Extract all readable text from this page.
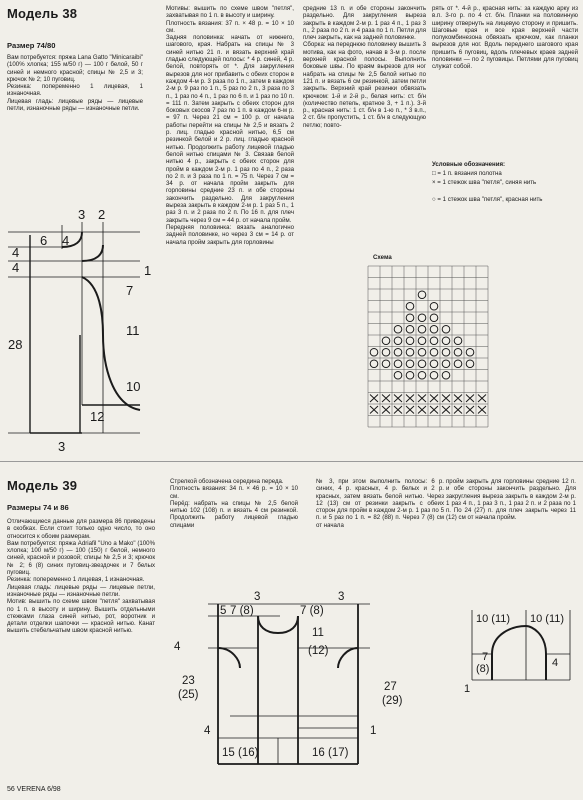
Модель 38
Размер 74/80
Вам потребуется: пряжа Lana Gatto "Minicaraibi" (100% хлопка; 155 м/50 г) — 100 г белой, 50 г синей и немного красной; спицы № 2,5 и 3; крючок № 2; 10 пуговиц.
Резинка: попеременно 1 лицевая, 1 изнаночная.
Лицевая гладь: лицевые ряды — лицевые петли, изнаночные ряды — изнаночные петли.
Мотивы: вышить по схеме швом "петля", захватывая по 1 п. в высоту и ширину.
Плотность вязания: 37 п. × 48 р. = 10 × 10 см.
Задняя половинка: начать от нижнего, шагового, края. Набрать на спицы № 3 синей нитью 21 п. и вязать верхний край гладью следующей полосы: * 4 р. синей, 4 р. белой, повторять от *. Для закругления вырезов для ног прибавить с обеих сторон в каждом 4-м р. 3 раза по 1 п., затем в каждом 2-м р. 9 раз по 1 п., 5 раз по 2 п., 3 раза по 3 п., 1 раз по 4 п., 1 раз по 6 п. и 1 раз по 10 п. = 111 п. Затем закрыть с обеих сторон для боковых скосов 7 раз по 1 п. в каждом 6-м р. = 97 п. Через 21 см = 100 р. от начала работы перейти на спицы № 2,5 и вязать 2 р. лиц. гладью красной нитью, 6,5 см резинкой белой и 2 р. лиц. гладью красной нитью. Продолжить работу лицевой гладью белой нитью спицами № 3. Связав белой нитью 4 р., закрыть с обеих сторон для пройм в каждом 2-м р. 1 раз по 4 п., 2 раза по 2 п. и 3 раза по 1 п. = 75 п. Через 7 см = 34 р. от начала пройм закрыть для горловины средние 23 п. и обе стороны закончить раздельно. Для закругления выреза закрыть в каждом 2-м р. 1 раз 5 п., 1 раз 3 п. и 2 раза по 2 п. По 16 п. для плеч закрыть через 9 см = 44 р. от начала пройм.
Передняя половинка: вязать аналогично задней половинке, но через 3 см = 14 р. от начала пройм закрыть для горловины
средние 13 п. и обе стороны закончить раздельно. Для закругления выреза закрыть в каждом 2-м р. 1 раз 4 п., 1 раз 3 п., 2 раза по 2 п. и 4 раза по 1 п. Петли для плеч закрыть, как на задней половинке.
Сборка: на переднюю половинку вышить 3 мотива, как на фото, начав в 3-м р. после верхней красной полосы. Выполнить боковые швы. По краям вырезов для ног набрать на спицы № 2,5 белой нитью по 121 п. и вязать 6 см резинкой, затем петли закрыть. Верхний край резинки обвязать крючком: 1-й и 2-й р., белая нить: ст. б/н (количество петель, кратное 3, + 1 п.). 3-й р., красная нить: 1 ст. б/н в 1-ю п., * 3 в.п., 2 ст. б/н пропустить, 1 ст. б/н в следующую петлю; повто-
рять от *. 4-й р., красная нить: за каждую арку из в.п. 3-го р. по 4 ст. б/н. Планки на половинную ширину отвернуть на лицевую сторону и пришить. Шаговые края и все края верхней части полукомбинезона обвязать крючком, как планки вырезов для ног. Вдоль переднего шагового края пришить 6 пуговиц, вдоль плечевых краев задней половинки — по 2 пуговицы. Петлями для пуговиц служат собой.
Условные обозначения:
□ = 1 п. вязания полотна
× = 1 стежок шва "петля", синяя нить
○ = 1 стежок шва "петля", красная нить
Схема
3 2
6 4
4
4	1
7
11
28
10
12
3
Модель 39
Размеры 74 и 86
Отличающиеся данные для размера 86 приведены в скобках. Если стоит только одно число, то оно относится к обоим размерам.
Вам потребуется: пряжа Adriafil "Uno a Mako" (100% хлопка; 100 м/50 г) — 100 (150) г белой, немного синей, красной и розовой; спицы № 2,5 и 3; крючок № 2; 6 (8) синих пуговиц-звездочек и 7 белых пуговиц.
Резинка: попеременно 1 лицевая, 1 изнаночная.
Лицевая гладь: лицевые ряды — лицевые петли, изнаночные ряды — изнаночные петли.
Мотив: вышить по схеме швом "петля" захватывая по 1 п. в высоту и ширину. Вышить отдельными стежками глаза синей нитью, рот, воротник и детали отделки шапочки — красной нитью. Канат вышить стебельчатым швом красной нитью.
Стрелкой обозначена середина переда.
Плотность вязания: 34 п. × 46 р. = 10 × 10 см.
Перёд: набрать на спицы № 2,5 белой нитью 102 (108) п. и вязать 4 см резинкой. Продолжить работу лицевой гладью спицами
№ 3, при этом выполнить полосы: 6 р. синих, 4 р. красных, 4 р. белых и 2 р. красных, затем вязать белой нитью. Через 12 (13) см от резинки закрыть с обеих сторон для пройм в каждом 2-м р. 1 раз по 5 п. и 5 раз по 1 п. = 82 (88) п. Через 7 (8) см от начала
пройм закрыть для горловины средние 12 п. и обе стороны закончить раздельно. Для закругления выреза закрыть в каждом 2-м р. 1 раз 4 п., 1 раз 3 п., 1 раз 2 п. и 2 раза по 1 п. По 24 (27) п. для плеч закрыть через 11 (12) см от начала пройм.
3	3
5 7 (8)	7 (8)
4
11
(12)
23
(25)
27
(29)
1
4
15 (16)	16 (17)
10 (11) 10 (11)
7
(8)	4
1
56 VERENA 6/98
